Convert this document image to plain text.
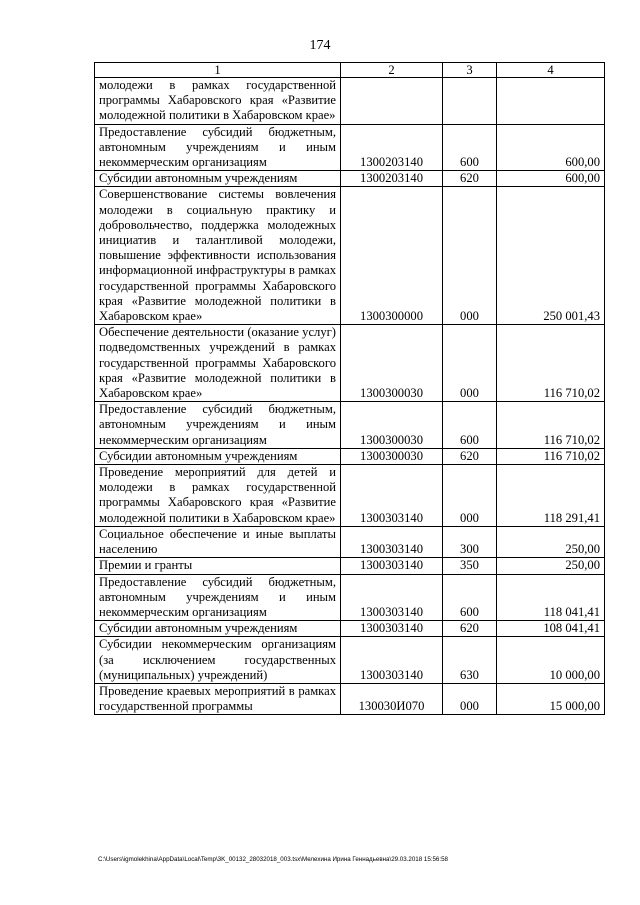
174
1	2	3	4
молодежи в рамках государственной программы Хабаровского края «Развитие молодежной политики в Хабаровском крае»			
Предоставление субсидий бюджетным, автономным учреждениям и иным некоммерческим организациям	1300203140	600	600,00
Субсидии автономным учреждениям	1300203140	620	600,00
Совершенствование системы вовлечения молодежи в социальную практику и добровольчество, поддержка молодежных инициатив и талантливой молодежи, повышение эффективности использования информационной инфраструктуры в рамках государственной программы Хабаровского края «Развитие молодежной политики в Хабаровском крае»	1300300000	000	250 001,43
Обеспечение деятельности (оказание услуг) подведомственных учреждений в рамках государственной программы Хабаровского края «Развитие молодежной политики в Хабаровском крае»	1300300030	000	116 710,02
Предоставление субсидий бюджетным, автономным учреждениям и иным некоммерческим организациям	1300300030	600	116 710,02
Субсидии автономным учреждениям	1300300030	620	116 710,02
Проведение мероприятий для детей и молодежи в рамках государственной программы Хабаровского края «Развитие молодежной политики в Хабаровском крае»	1300303140	000	118 291,41
Социальное обеспечение и иные выплаты населению	1300303140	300	250,00
Премии и гранты	1300303140	350	250,00
Предоставление субсидий бюджетным, автономным учреждениям и иным некоммерческим организациям	1300303140	600	118 041,41
Субсидии автономным учреждениям	1300303140	620	108 041,41
Субсидии некоммерческим организациям (за исключением государственных (муниципальных) учреждений)	1300303140	630	10 000,00
Проведение краевых мероприятий в рамках государственной программы	130030И070	000	15 000,00
C:\Users\igmolekhina\AppData\Local\Temp\3K_00132_28032018_003.tsx\Мелехина Ирина Геннадьевна\29.03.2018 15:56:58
